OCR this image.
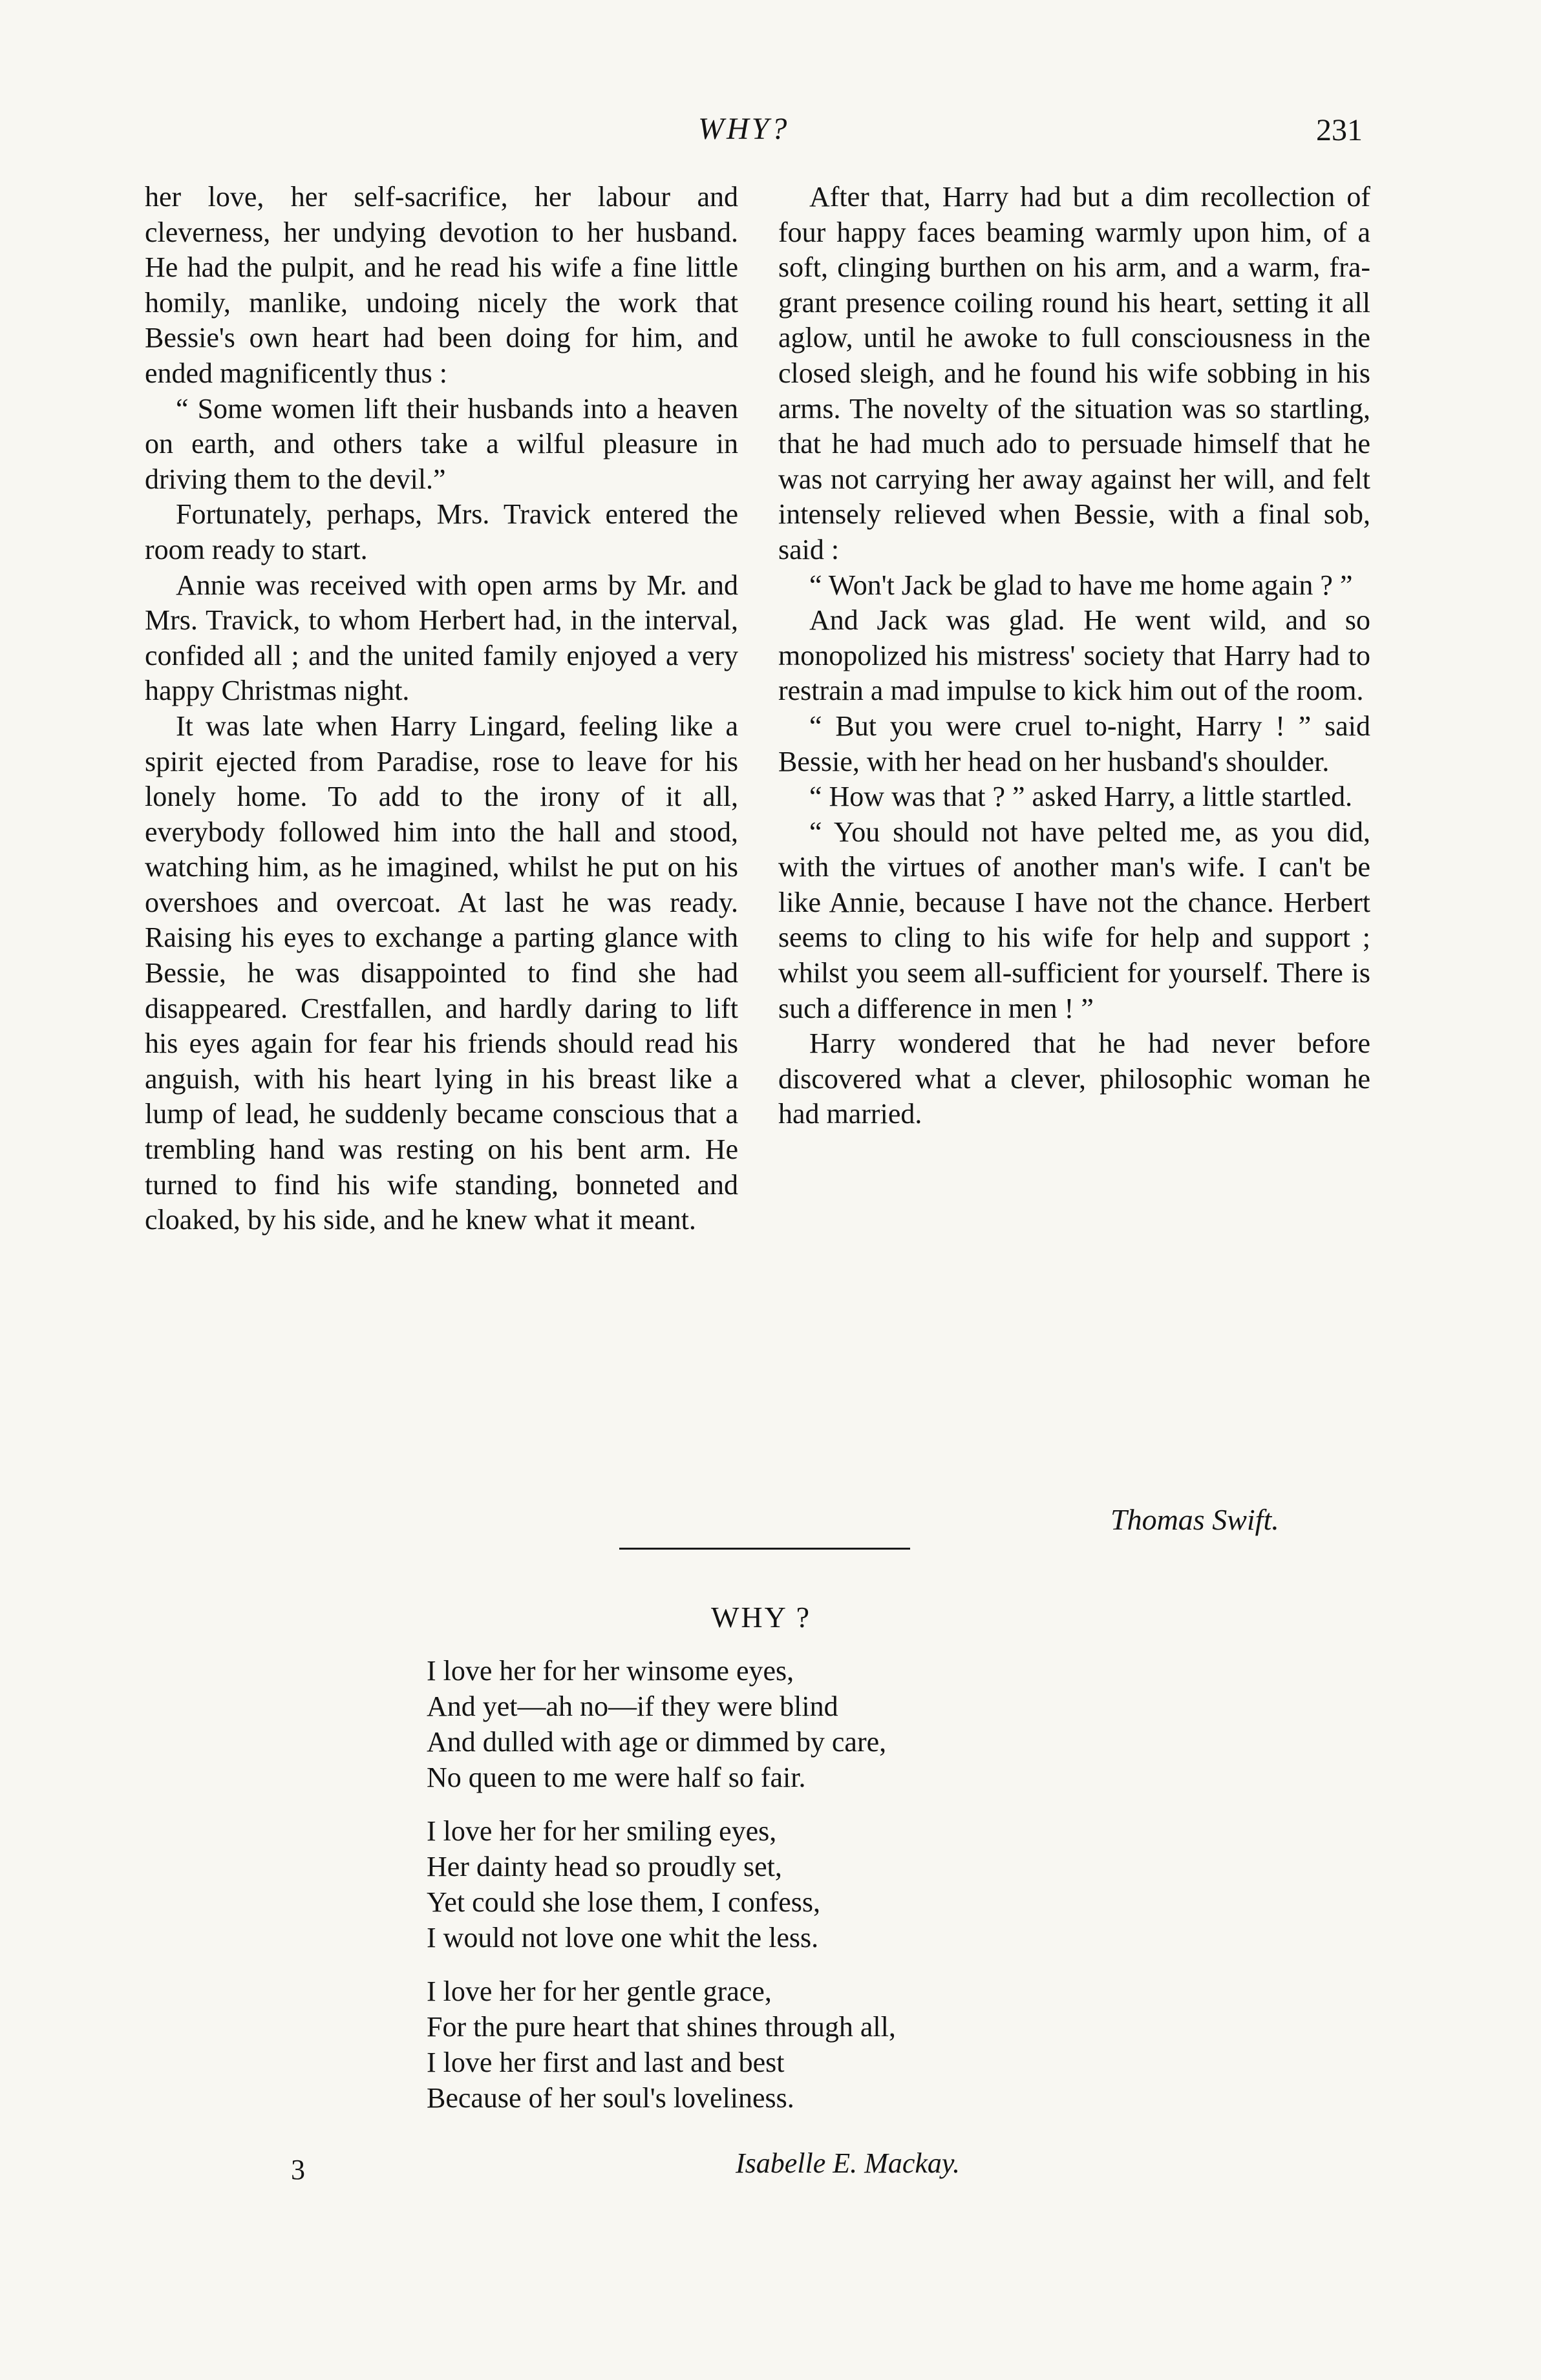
WHY?	231

her love, her self-sacrifice, her labour and cleverness, her undying devotion to her husband. He had the pulpit, and he read his wife a fine little homily, manlike, undoing nicely the work that Bessie's own heart had been doing for him, and ended magnificently thus :

“ Some women lift their husbands into a heaven on earth, and others take a wilful pleasure in driving them to the devil.”

Fortunately, perhaps, Mrs. Travick entered the room ready to start.

Annie was received with open arms by Mr. and Mrs. Travick, to whom Herbert had, in the interval, confided all ; and the united family enjoyed a very happy Christmas night.

It was late when Harry Lingard, feeling like a spirit ejected from Paradise, rose to leave for his lonely home. To add to the irony of it all, everybody followed him into the hall and stood, watching him, as he imagined, whilst he put on his overshoes and overcoat. At last he was ready. Raising his eyes to exchange a parting glance with Bessie, he was disappointed to find she had disappeared. Crestfallen, and hardly daring to lift his eyes again for fear his friends should read his anguish, with his heart lying in his breast like a lump of lead, he suddenly became conscious that a trembling hand was resting on his bent arm. He turned to find his wife standing, bonneted and cloaked, by his side, and he knew what it meant.

After that, Harry had but a dim recollection of four happy faces beaming warmly upon him, of a soft, clinging burthen on his arm, and a warm, fragrant presence coiling round his heart, setting it all aglow, until he awoke to full consciousness in the closed sleigh, and he found his wife sobbing in his arms. The novelty of the situation was so startling, that he had much ado to persuade himself that he was not carrying her away against her will, and felt intensely relieved when Bessie, with a final sob, said :

“ Won't Jack be glad to have me home again ? ”

And Jack was glad. He went wild, and so monopolized his mistress' society that Harry had to restrain a mad impulse to kick him out of the room.

“ But you were cruel to-night, Harry ! ” said Bessie, with her head on her husband's shoulder.

“ How was that ? ” asked Harry, a little startled.

“ You should not have pelted me, as you did, with the virtues of another man's wife. I can't be like Annie, because I have not the chance. Herbert seems to cling to his wife for help and support ; whilst you seem all-sufficient for yourself. There is such a difference in men ! ”

Harry wondered that he had never before discovered what a clever, philosophic woman he had married.

Thomas Swift.
WHY ?
I love her for her winsome eyes,
And yet—ah no—if they were blind
And dulled with age or dimmed by care,
No queen to me were half so fair.
I love her for her smiling eyes,
Her dainty head so proudly set,
Yet could she lose them, I confess,
I would not love one whit the less.
I love her for her gentle grace,
For the pure heart that shines through all,
I love her first and last and best
Because of her soul's loveliness.
3	Isabelle E. Mackay.
